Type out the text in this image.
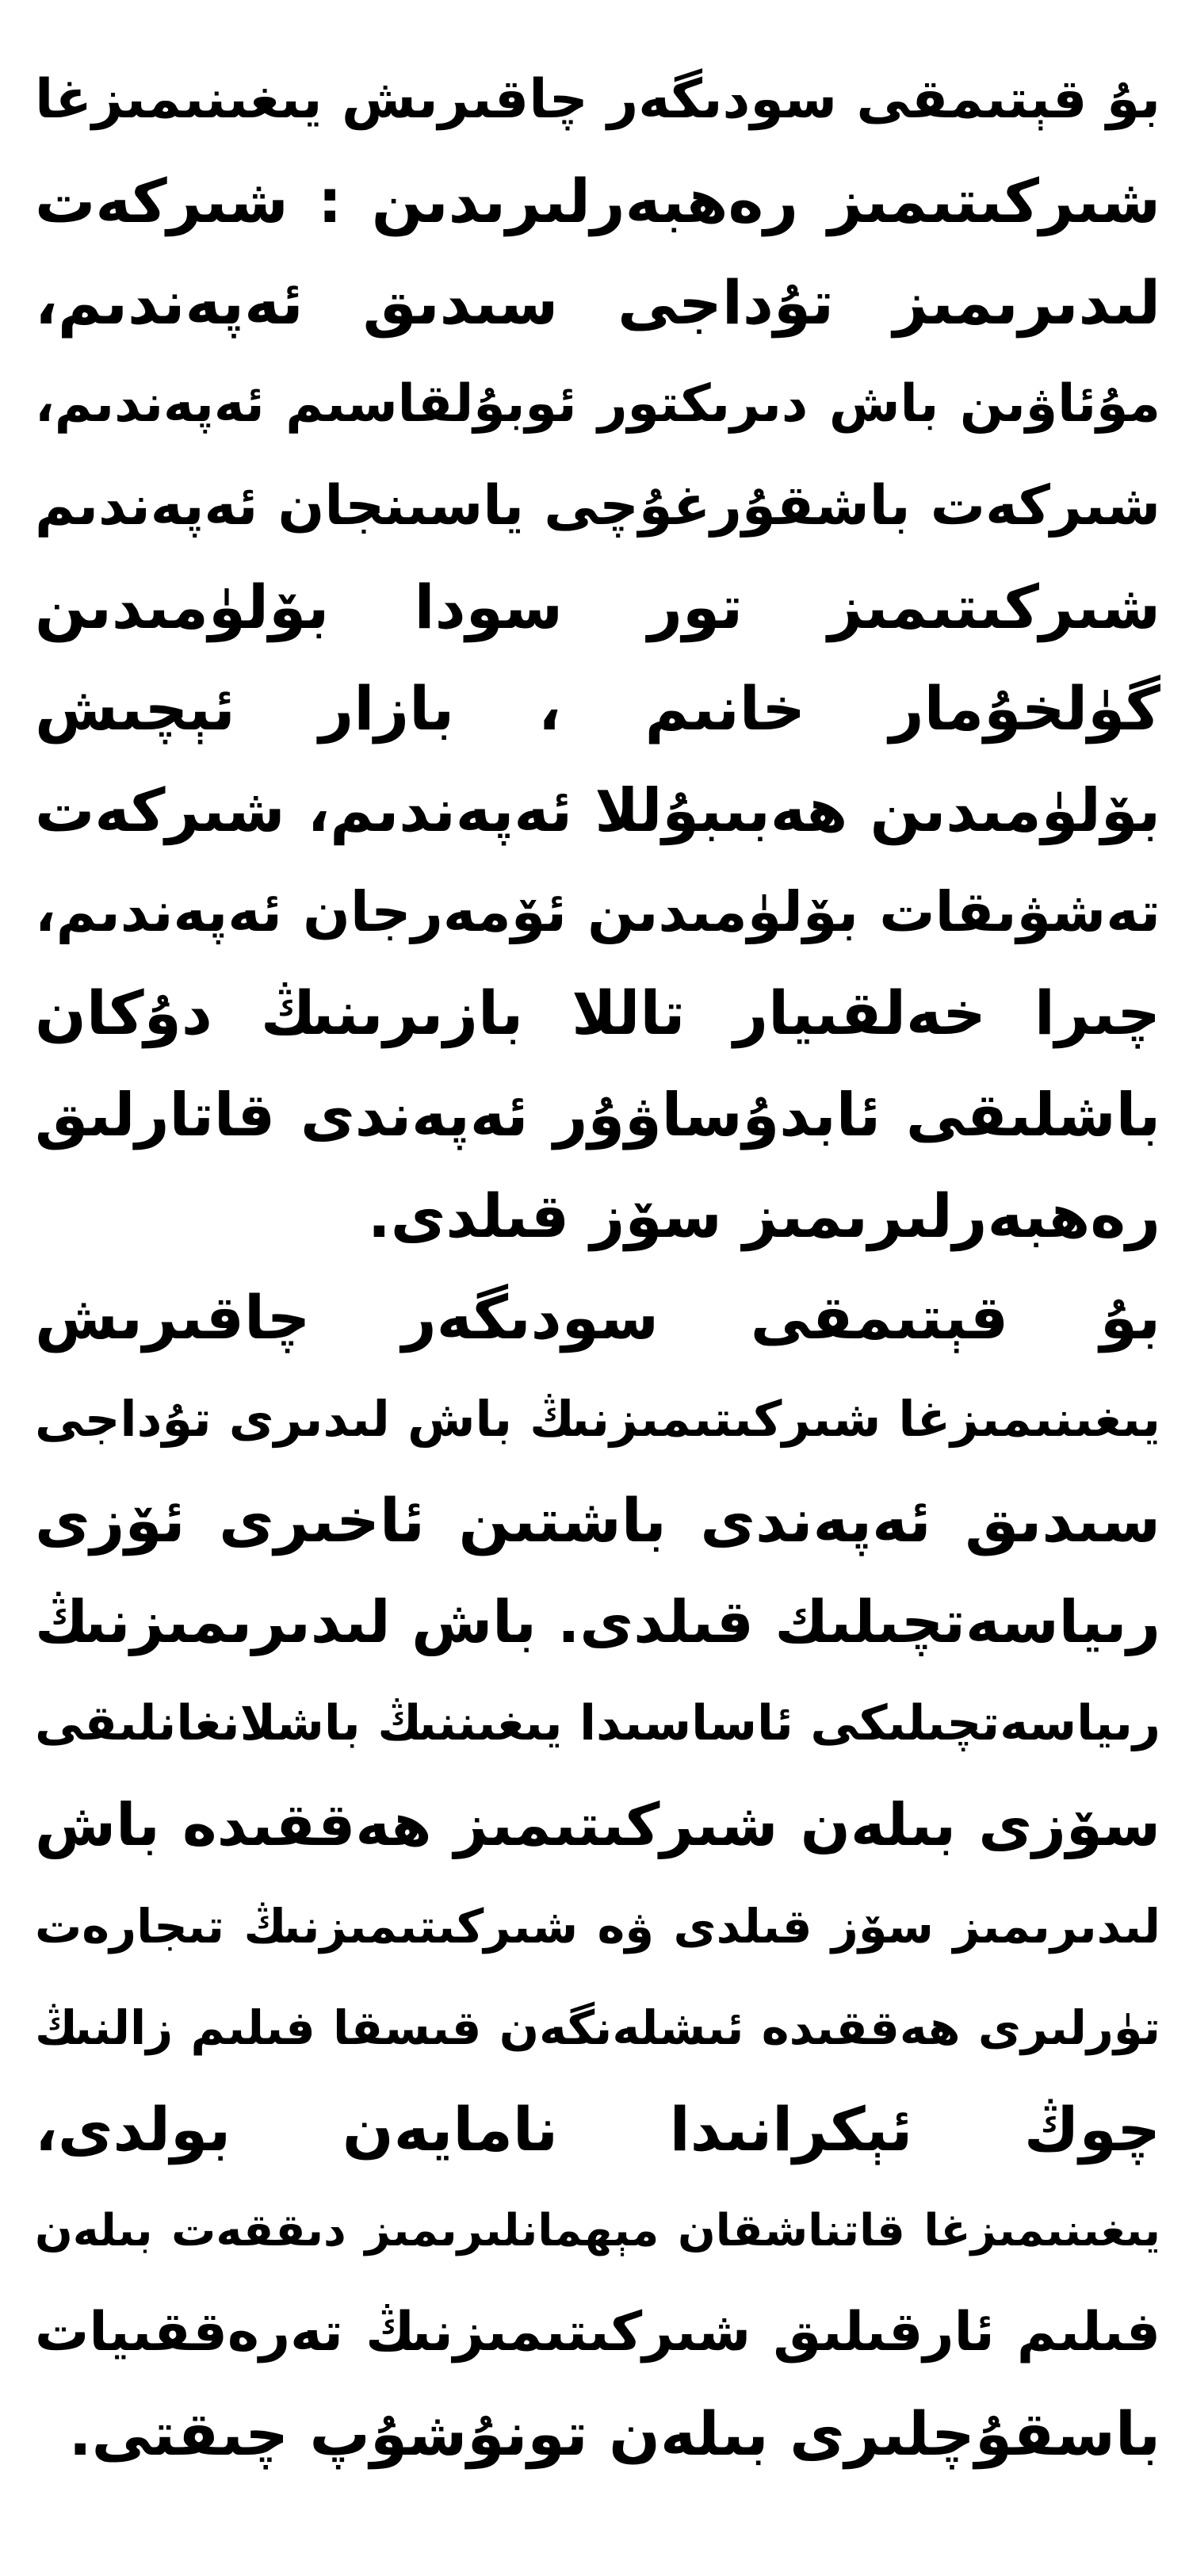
بۇ قېتىمقى سودىگەر چاقىرىش يىغىنىمىزغا
شىركىتىمىز رەھبەرلىرىدىن : شىركەت
لىدىرىمىز تۇداجى سىدىق ئەپەندىم،
مۇئاۋىن باش دىرىكتور ئوبۇلقاسىم ئەپەندىم،
شىركەت باشقۇرغۇچى ياسىنجان ئەپەندىم
شىركىتىمىز تور سودا بۆلۈمىدىن
گۈلخۇمار خانىم ، بازار ئېچىش
بۆلۈمىدىن ھەبىبۇللا ئەپەندىم، شىركەت
تەشۋىقات بۆلۈمىدىن ئۆمەرجان ئەپەندىم،
چىرا خەلقىيار تاللا بازىرىنىڭ دۇكان
باشلىقى ئابدۇساۋۇر ئەپەندى قاتارلىق
رەھبەرلىرىمىز سۆز قىلدى.
بۇ قېتىمقى سودىگەر چاقىرىش
يىغىنىمىزغا شىركىتىمىزنىڭ باش لىدىرى تۇداجى
سىدىق ئەپەندى باشتىن ئاخىرى ئۆزى
رىياسەتچىلىك قىلدى. باش لىدىرىمىزنىڭ
رىياسەتچىلىكى ئاساسىدا يىغىننىڭ باشلانغانلىقى
سۆزى بىلەن شىركىتىمىز ھەققىدە باش
لىدىرىمىز سۆز قىلدى ۋە شىركىتىمىزنىڭ تىجارەت
تۈرلىرى ھەققىدە ئىشلەنگەن قىسقا فىلىم زالنىڭ
چوڭ ئېكرانىدا نامايەن بولدى،
يىغىنىمىزغا قاتناشقان مېھمانلىرىمىز دىققەت بىلەن
فىلىم ئارقىلىق شىركىتىمىزنىڭ تەرەققىيات
باسقۇچلىرى بىلەن تونۇشۇپ چىقتى.
